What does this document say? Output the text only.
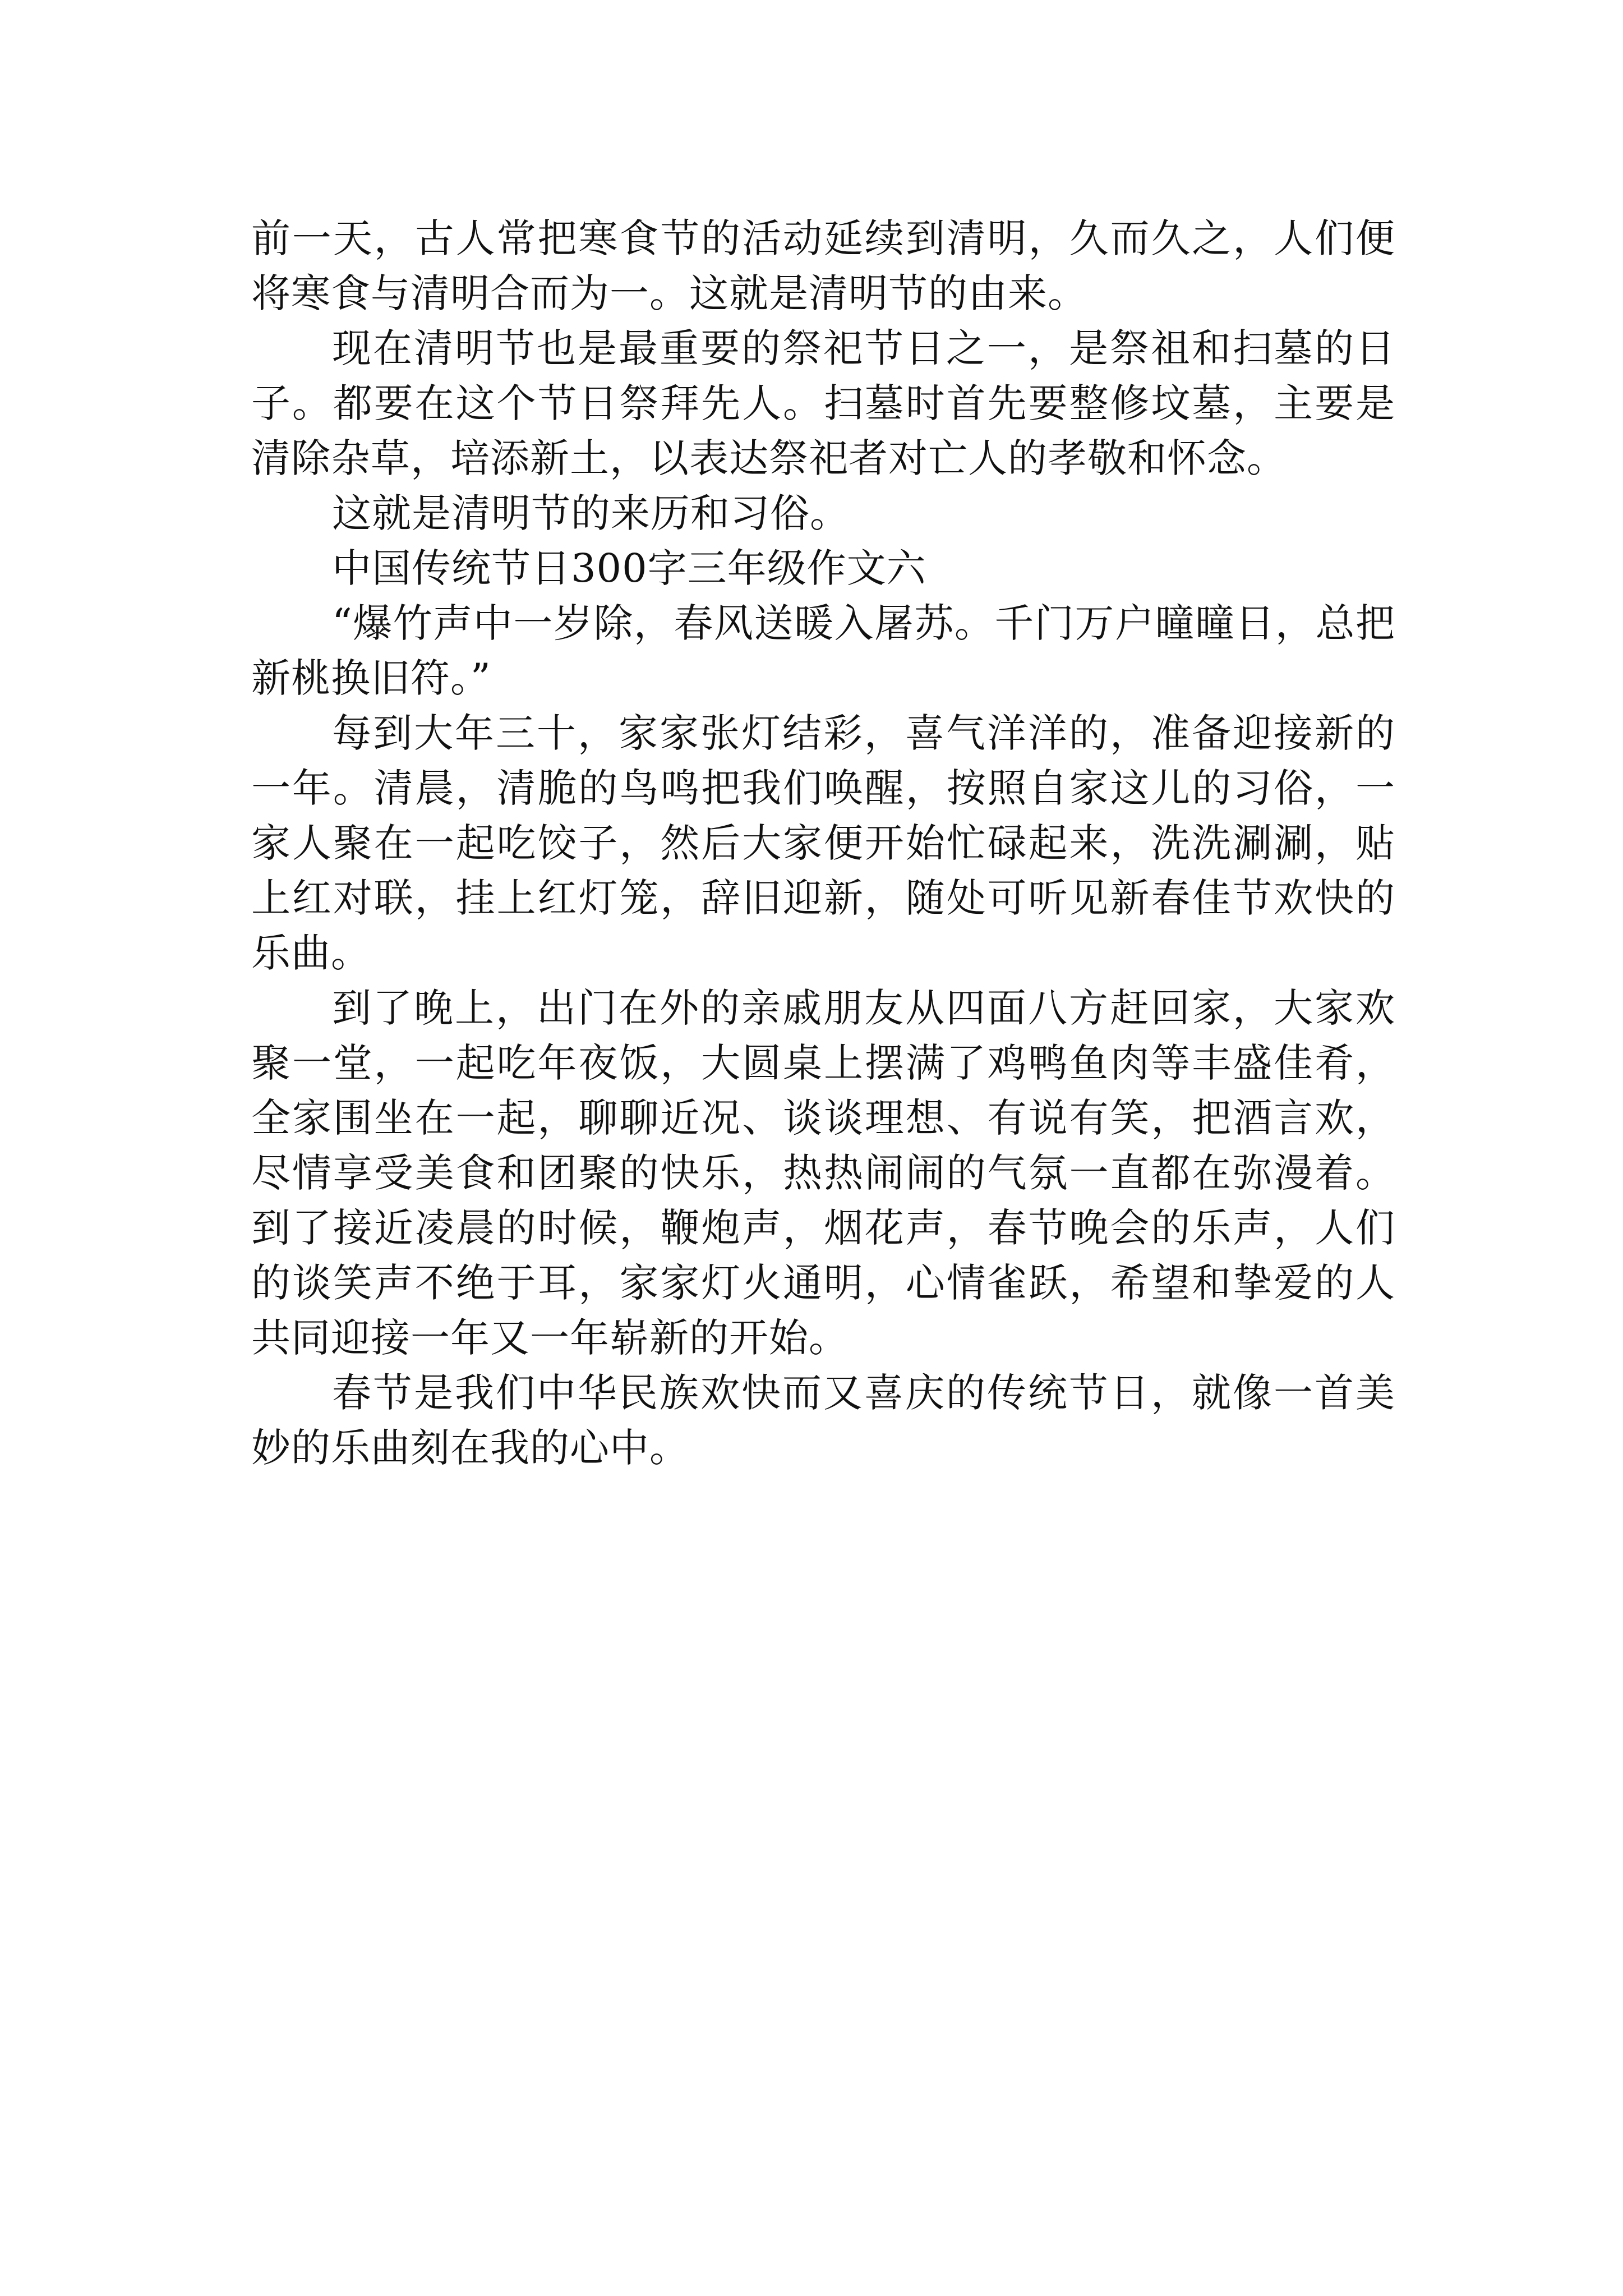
前一天，古人常把寒食节的活动延续到清明，久而久之，人们便将寒食与清明合而为一。这就是清明节的由来。

现在清明节也是最重要的祭祀节日之一，是祭祖和扫墓的日子。都要在这个节日祭拜先人。扫墓时首先要整修坟墓，主要是清除杂草，培添新土，以表达祭祀者对亡人的孝敬和怀念。

这就是清明节的来历和习俗。

中国传统节日300字三年级作文六

“爆竹声中一岁除，春风送暖入屠苏。千门万户曈曈日，总把新桃换旧符。”

每到大年三十，家家张灯结彩，喜气洋洋的，准备迎接新的一年。清晨，清脆的鸟鸣把我们唤醒，按照自家这儿的习俗，一家人聚在一起吃饺子，然后大家便开始忙碌起来，洗洗涮涮，贴上红对联，挂上红灯笼，辞旧迎新，随处可听见新春佳节欢快的乐曲。

到了晚上，出门在外的亲戚朋友从四面八方赶回家，大家欢聚一堂，一起吃年夜饭，大圆桌上摆满了鸡鸭鱼肉等丰盛佳肴，全家围坐在一起，聊聊近况、谈谈理想、有说有笑，把酒言欢，尽情享受美食和团聚的快乐，热热闹闹的气氛一直都在弥漫着。到了接近凌晨的时候，鞭炮声，烟花声，春节晚会的乐声，人们的谈笑声不绝于耳，家家灯火通明，心情雀跃，希望和挚爱的人共同迎接一年又一年崭新的开始。

春节是我们中华民族欢快而又喜庆的传统节日，就像一首美妙的乐曲刻在我的心中。
